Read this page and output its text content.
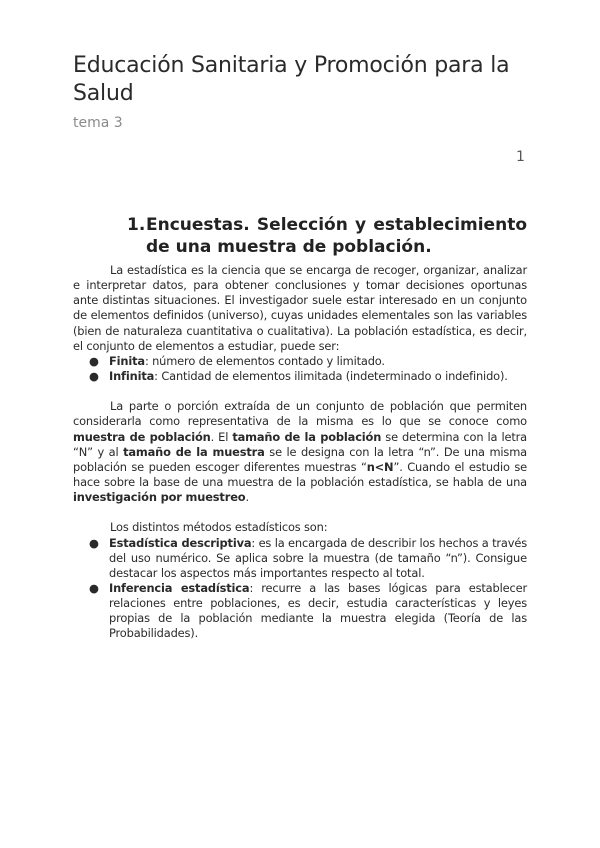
Educación Sanitaria y Promoción para la Salud
tema 3
1
1. Encuestas. Selección y establecimiento de una muestra de población.

La estadística es la ciencia que se encarga de recoger, organizar, analizar e interpretar datos, para obtener conclusiones y tomar decisiones oportunas ante distintas situaciones. El investigador suele estar interesado en un conjunto de elementos definidos (universo), cuyas unidades elementales son las variables (bien de naturaleza cuantitativa o cualitativa). La población estadística, es decir, el conjunto de elementos a estudiar, puede ser:

● Finita: número de elementos contado y limitado.
● Infinita: Cantidad de elementos ilimitada (indeterminado o indefinido).

La parte o porción extraída de un conjunto de población que permiten considerarla como representativa de la misma es lo que se conoce como muestra de población. El tamaño de la población se determina con la letra “N” y al tamaño de la muestra se le designa con la letra “n”. De una misma población se pueden escoger diferentes muestras “n<N”. Cuando el estudio se hace sobre la base de una muestra de la población estadística, se habla de una investigación por muestreo.

Los distintos métodos estadísticos son:

● Estadística descriptiva: es la encargada de describir los hechos a través del uso numérico. Se aplica sobre la muestra (de tamaño “n”). Consigue destacar los aspectos más importantes respecto al total.
● Inferencia estadística: recurre a las bases lógicas para establecer relaciones entre poblaciones, es decir, estudia características y leyes propias de la población mediante la muestra elegida (Teoría de las Probabilidades).
